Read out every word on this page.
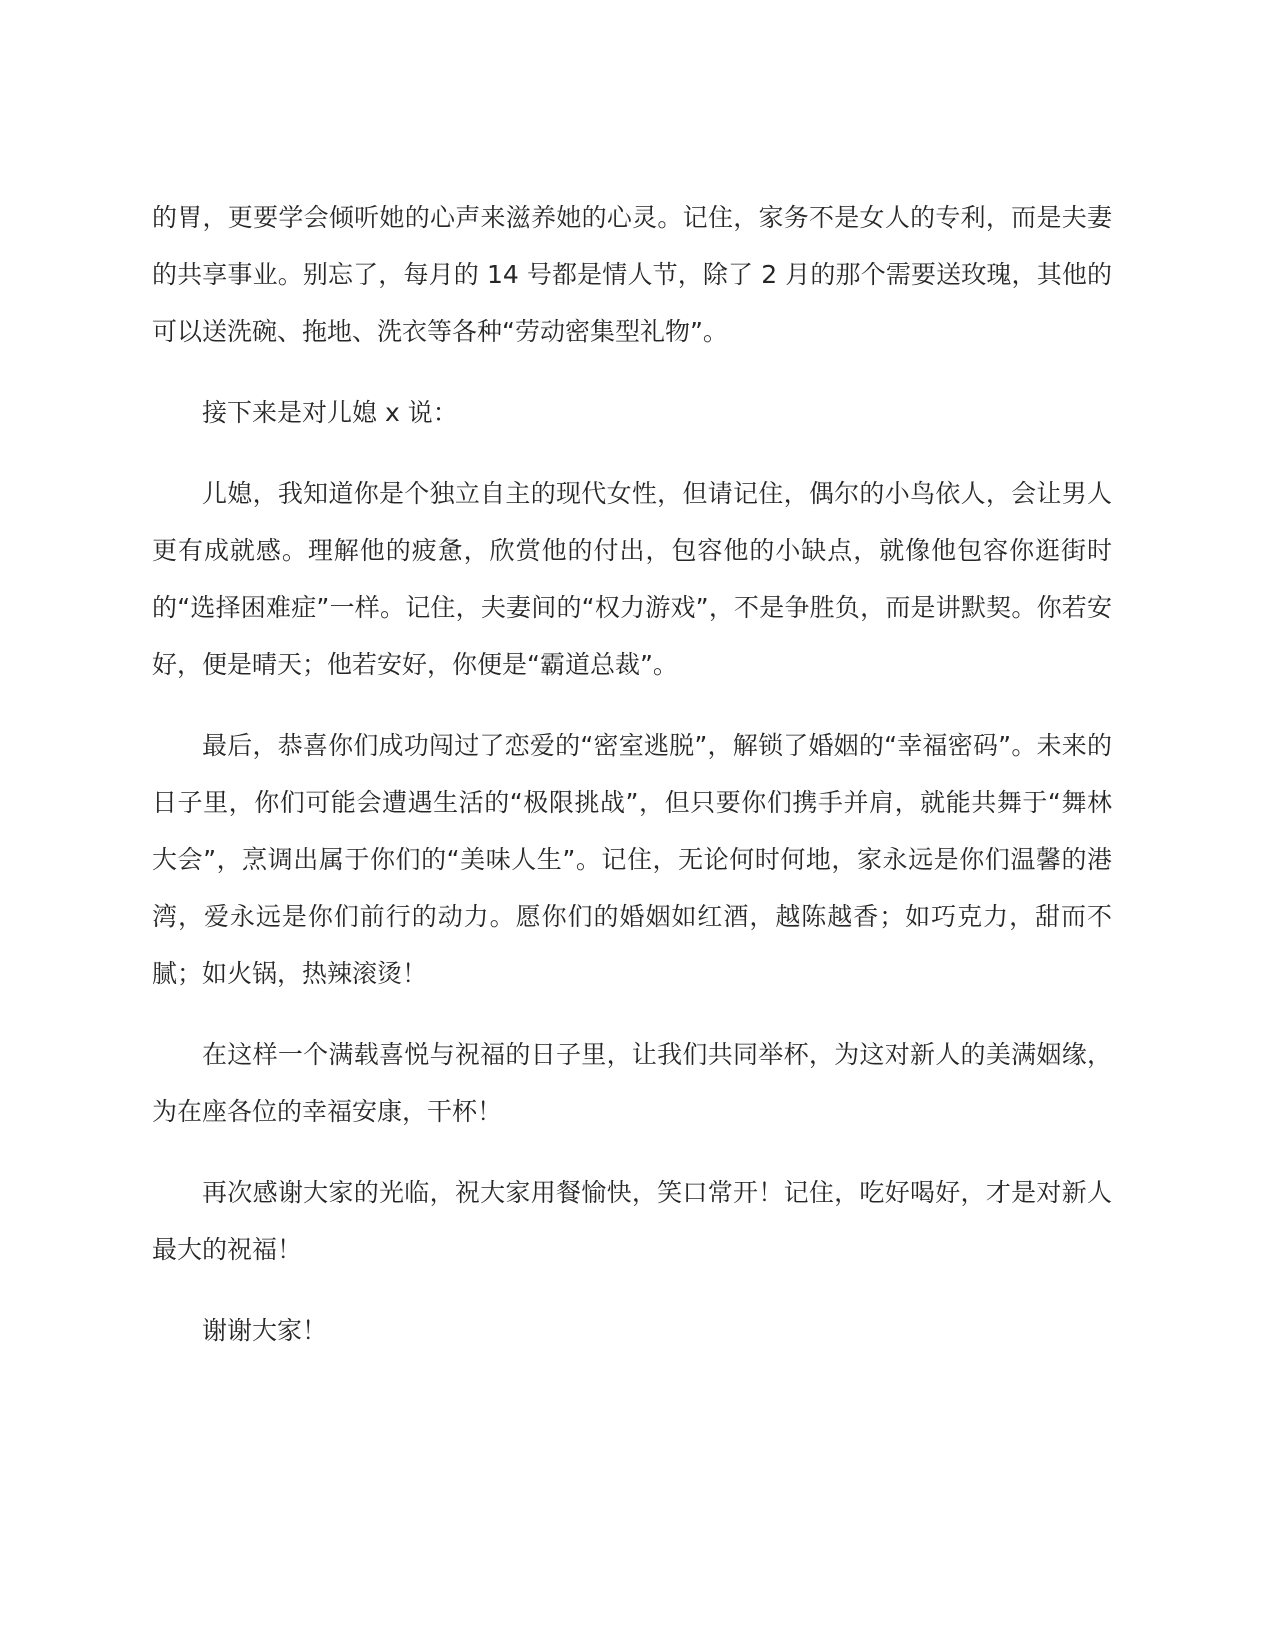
的胃，更要学会倾听她的心声来滋养她的心灵。记住，家务不是女人的专利，而是夫妻的共享事业。别忘了，每月的 14 号都是情人节，除了 2 月的那个需要送玫瑰，其他的可以送洗碗、拖地、洗衣等各种“劳动密集型礼物”。

接下来是对儿媳 x 说：

儿媳，我知道你是个独立自主的现代女性，但请记住，偶尔的小鸟依人，会让男人更有成就感。理解他的疲惫，欣赏他的付出，包容他的小缺点，就像他包容你逛街时的“选择困难症”一样。记住，夫妻间的“权力游戏”，不是争胜负，而是讲默契。你若安好，便是晴天；他若安好，你便是“霸道总裁”。

最后，恭喜你们成功闯过了恋爱的“密室逃脱”，解锁了婚姻的“幸福密码”。未来的日子里，你们可能会遭遇生活的“极限挑战”，但只要你们携手并肩，就能共舞于“舞林大会”，烹调出属于你们的“美味人生”。记住，无论何时何地，家永远是你们温馨的港湾，爱永远是你们前行的动力。愿你们的婚姻如红酒，越陈越香；如巧克力，甜而不腻；如火锅，热辣滚烫！

在这样一个满载喜悦与祝福的日子里，让我们共同举杯，为这对新人的美满姻缘，为在座各位的幸福安康，干杯！

再次感谢大家的光临，祝大家用餐愉快，笑口常开！记住，吃好喝好，才是对新人最大的祝福！

谢谢大家！
